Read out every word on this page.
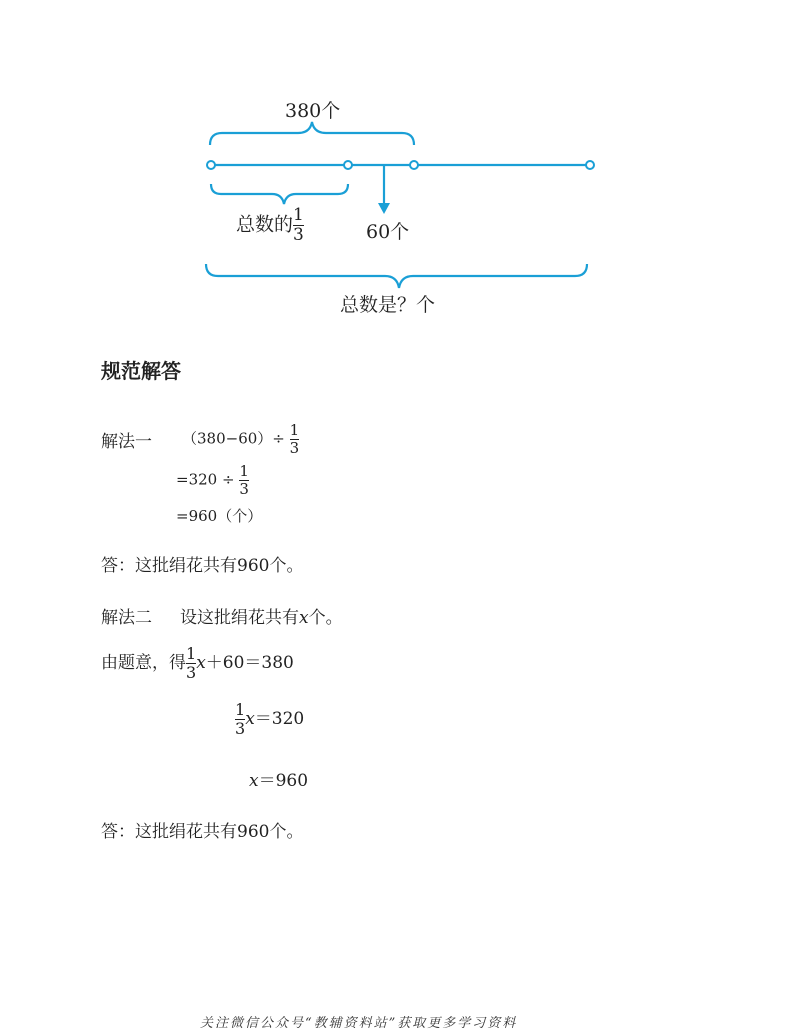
380个
总数的 $\frac{1}{3}$	60个
总数是？个
规范解答
解法一 $(380-60)\div \frac{1}{3}$
$=320 \div \frac{1}{3}$
=960（个）
答：这批绢花共有960个。
解法二 设这批绢花共有x个。
由题意，得 $\frac{1}{3} x+60=380$
$\frac{1}{3} x=320$
x＝960
答：这批绢花共有960个。
关注微信公众号“教辅资料站”获取更多学习资料
